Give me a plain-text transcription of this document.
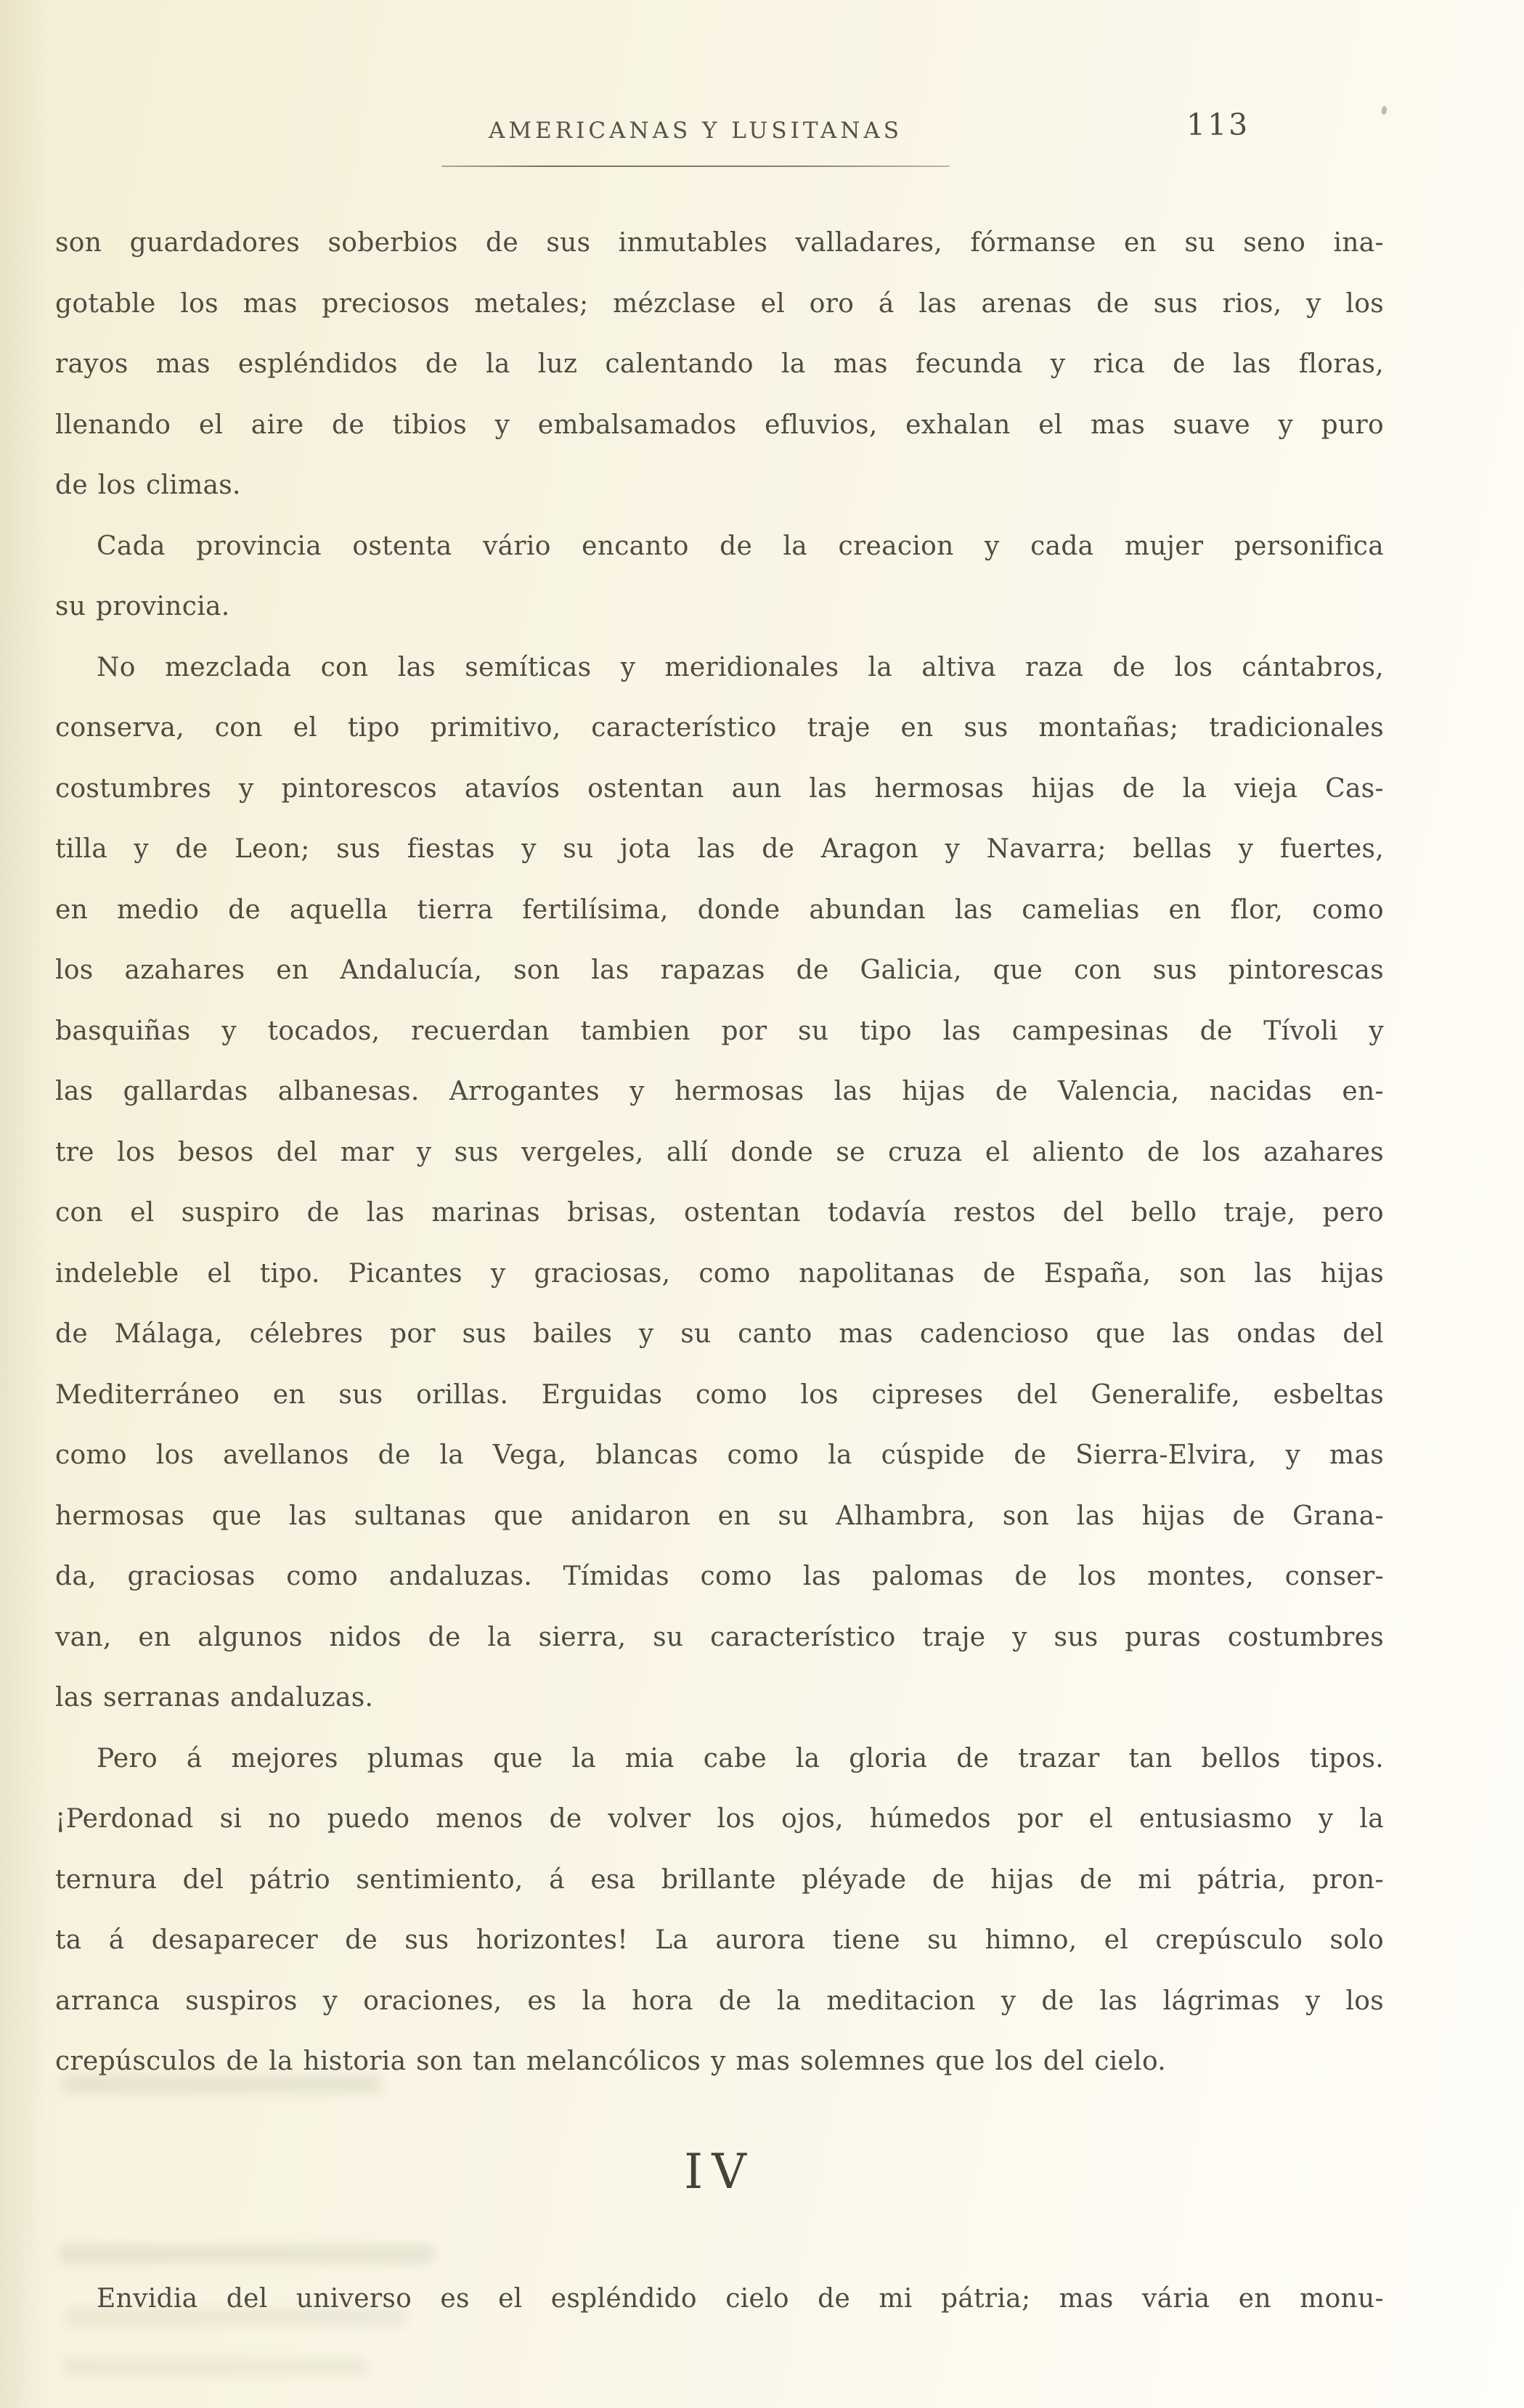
AMERICANAS Y LUSITANAS	113
son guardadores soberbios de sus inmutables valladares, fórmanse en su seno ina-
gotable los mas preciosos metales; mézclase el oro á las arenas de sus rios, y los
rayos mas espléndidos de la luz calentando la mas fecunda y rica de las floras,
llenando el aire de tibios y embalsamados efluvios, exhalan el mas suave y puro
de los climas.
Cada provincia ostenta vário encanto de la creacion y cada mujer personifica
su provincia.
No mezclada con las semíticas y meridionales la altiva raza de los cántabros,
conserva, con el tipo primitivo, característico traje en sus montañas; tradicionales
costumbres y pintorescos atavíos ostentan aun las hermosas hijas de la vieja Cas-
tilla y de Leon; sus fiestas y su jota las de Aragon y Navarra; bellas y fuertes,
en medio de aquella tierra fertilísima, donde abundan las camelias en flor, como
los azahares en Andalucía, son las rapazas de Galicia, que con sus pintorescas
basquiñas y tocados, recuerdan tambien por su tipo las campesinas de Tívoli y
las gallardas albanesas. Arrogantes y hermosas las hijas de Valencia, nacidas en-
tre los besos del mar y sus vergeles, allí donde se cruza el aliento de los azahares
con el suspiro de las marinas brisas, ostentan todavía restos del bello traje, pero
indeleble el tipo. Picantes y graciosas, como napolitanas de España, son las hijas
de Málaga, célebres por sus bailes y su canto mas cadencioso que las ondas del
Mediterráneo en sus orillas. Erguidas como los cipreses del Generalife, esbeltas
como los avellanos de la Vega, blancas como la cúspide de Sierra-Elvira, y mas
hermosas que las sultanas que anidaron en su Alhambra, son las hijas de Grana-
da, graciosas como andaluzas. Tímidas como las palomas de los montes, conser-
van, en algunos nidos de la sierra, su característico traje y sus puras costumbres
las serranas andaluzas.
Pero á mejores plumas que la mia cabe la gloria de trazar tan bellos tipos.
¡Perdonad si no puedo menos de volver los ojos, húmedos por el entusiasmo y la
ternura del pátrio sentimiento, á esa brillante pléyade de hijas de mi pátria, pron-
ta á desaparecer de sus horizontes! La aurora tiene su himno, el crepúsculo solo
arranca suspiros y oraciones, es la hora de la meditacion y de las lágrimas y los
crepúsculos de la historia son tan melancólicos y mas solemnes que los del cielo.
IV
Envidia del universo es el espléndido cielo de mi pátria; mas vária en monu-
